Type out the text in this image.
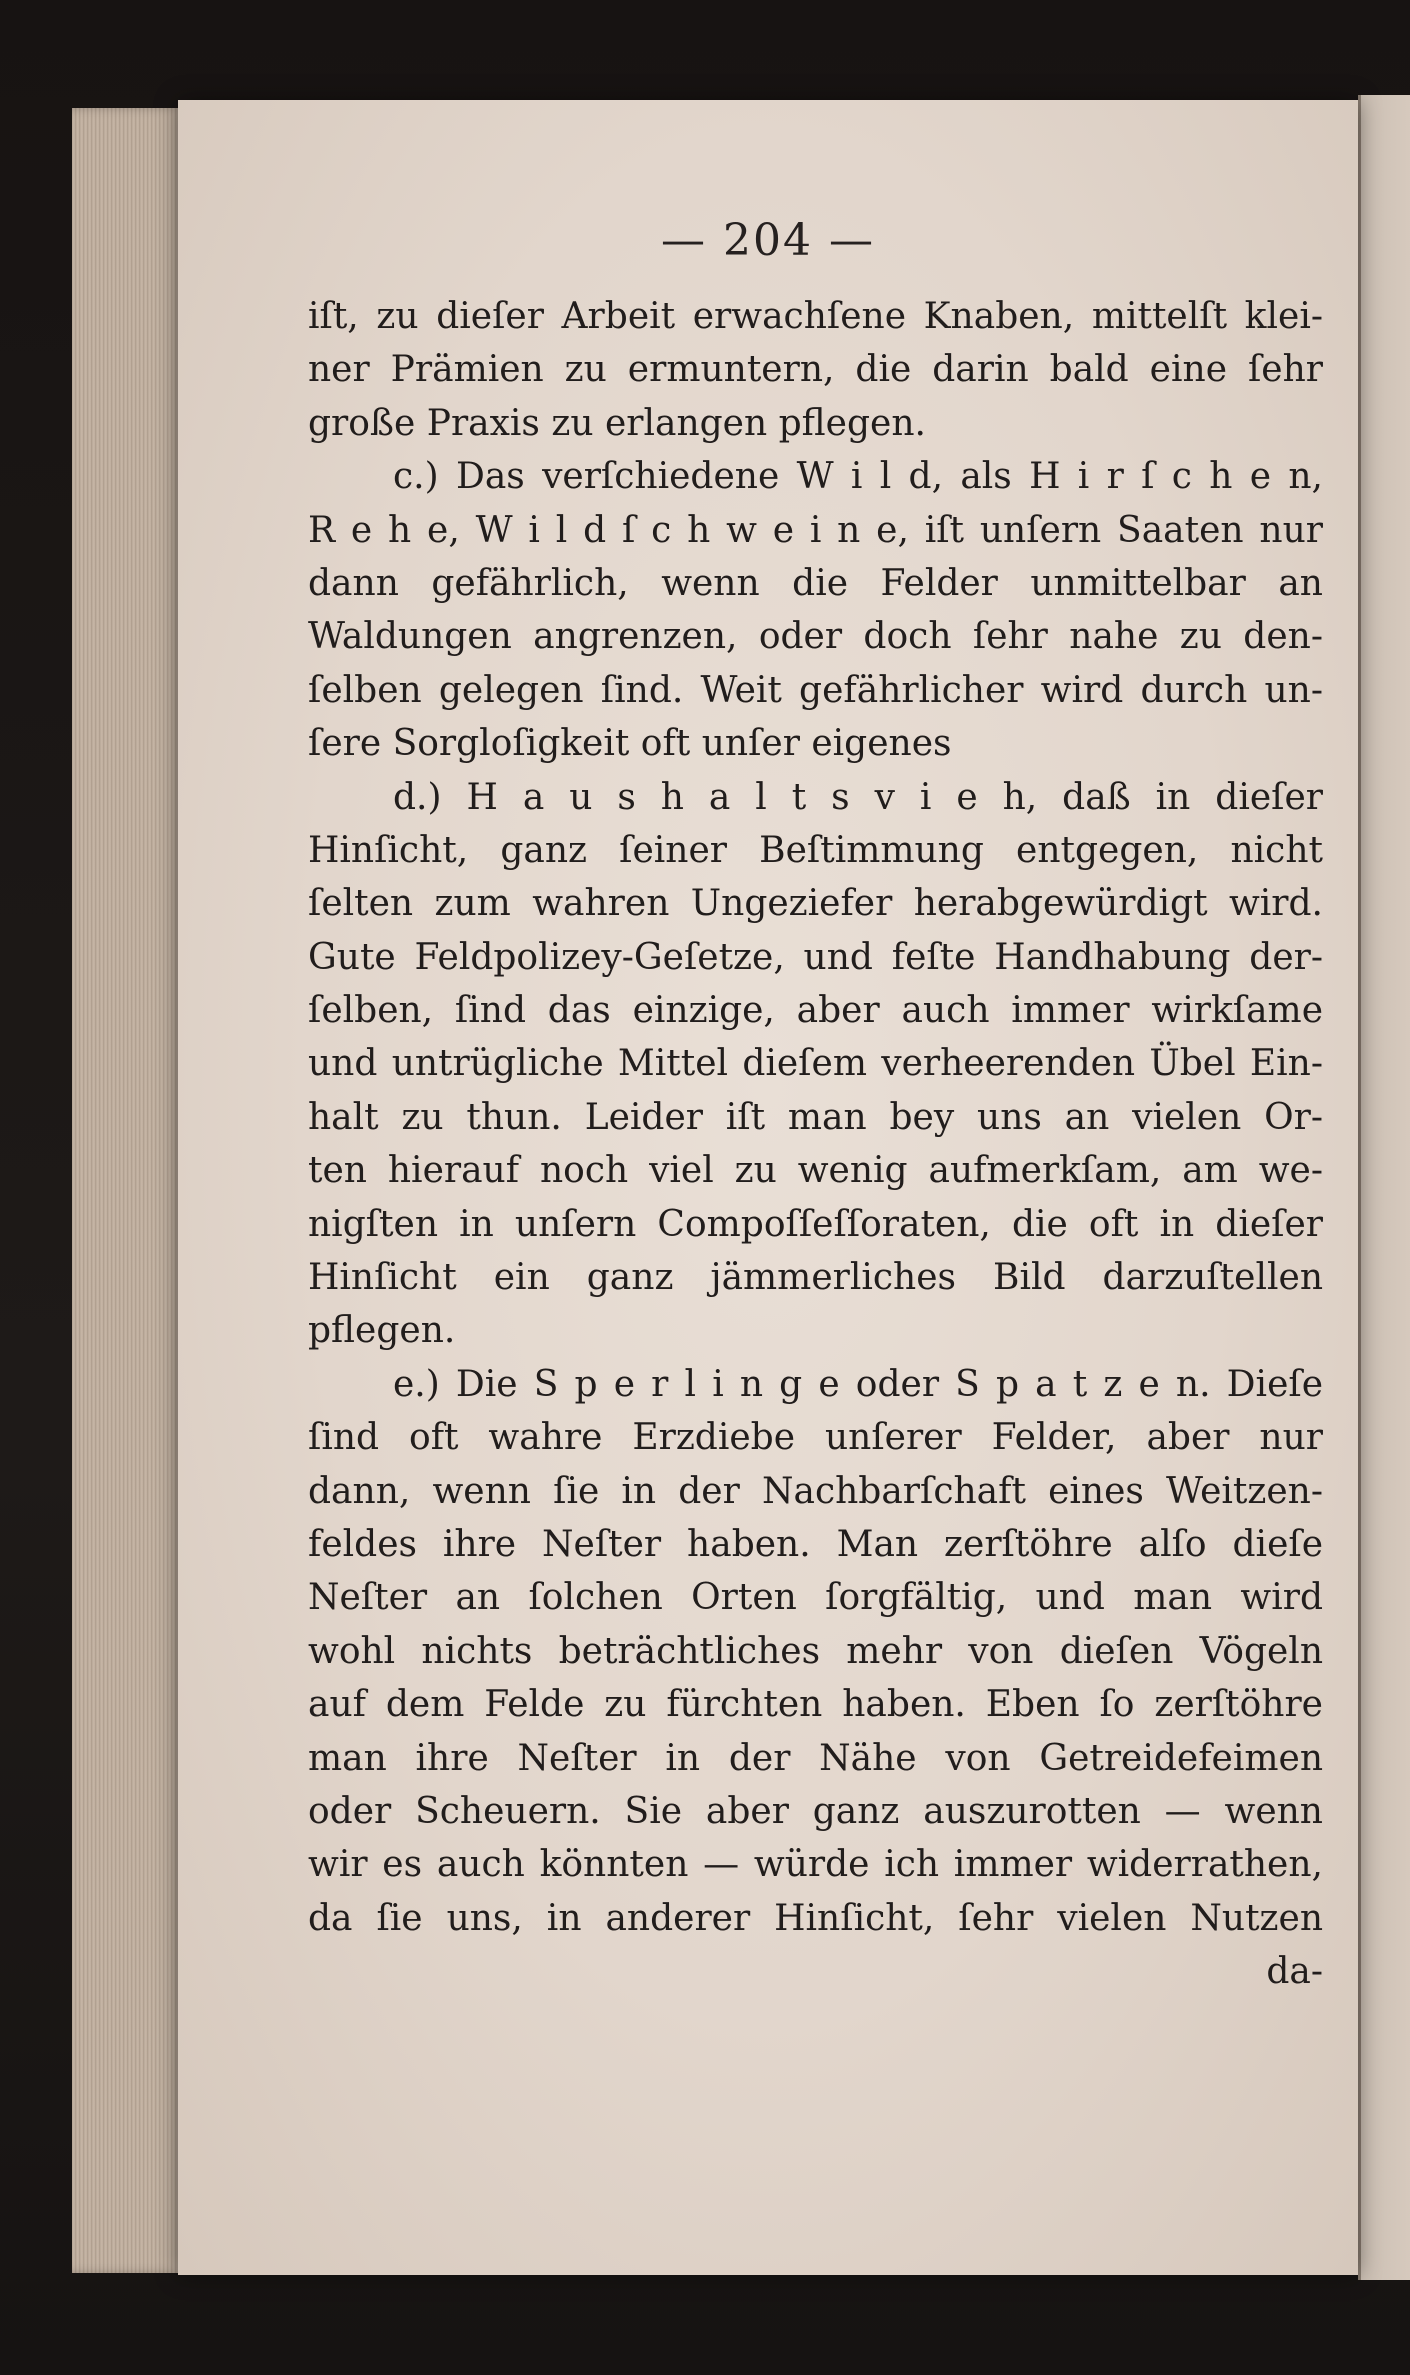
— 204 —
iſt, zu dieſer Arbeit erwachſene Knaben, mittelſt klei-
ner Prämien zu ermuntern, die darin bald eine ſehr
große Praxis zu erlangen pflegen.
c.) Das verſchiedene W i l d, als H i r ſ c h e n,
R e h e, W i l d ſ c h w e i n e, iſt unſern Saaten nur
dann gefährlich, wenn die Felder unmittelbar an
Waldungen angrenzen, oder doch ſehr nahe zu den-
ſelben gelegen ſind. Weit gefährlicher wird durch un-
ſere Sorgloſigkeit oft unſer eigenes
d.) H a u s h a l t s v i e h, daß in dieſer
Hinſicht, ganz ſeiner Beſtimmung entgegen, nicht
ſelten zum wahren Ungeziefer herabgewürdigt wird.
Gute Feldpolizey-Geſetze, und feſte Handhabung der-
ſelben, ſind das einzige, aber auch immer wirkſame
und untrügliche Mittel dieſem verheerenden Übel Ein-
halt zu thun. Leider iſt man bey uns an vielen Or-
ten hierauf noch viel zu wenig aufmerkſam, am we-
nigſten in unſern Compoſſeſſoraten, die oft in dieſer
Hinſicht ein ganz jämmerliches Bild darzuſtellen
pflegen.
e.) Die S p e r l i n g e oder S p a t z e n. Dieſe
ſind oft wahre Erzdiebe unſerer Felder, aber nur
dann, wenn ſie in der Nachbarſchaft eines Weitzen-
feldes ihre Neſter haben. Man zerſtöhre alſo dieſe
Neſter an ſolchen Orten ſorgfältig, und man wird
wohl nichts beträchtliches mehr von dieſen Vögeln
auf dem Felde zu fürchten haben. Eben ſo zerſtöhre
man ihre Neſter in der Nähe von Getreidefeimen
oder Scheuern. Sie aber ganz auszurotten — wenn
wir es auch könnten — würde ich immer widerrathen,
da ſie uns, in anderer Hinſicht, ſehr vielen Nutzen
da-
